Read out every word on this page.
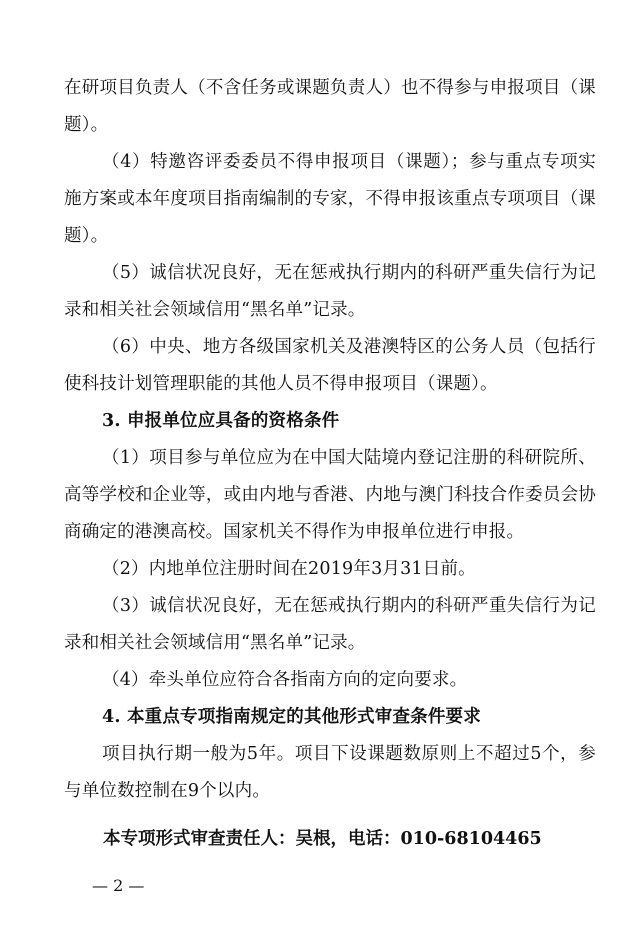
在研项目负责人（不含任务或课题负责人）也不得参与申报项目（课题）。

（4）特邀咨评委委员不得申报项目（课题）；参与重点专项实施方案或本年度项目指南编制的专家，不得申报该重点专项项目（课题）。

（5）诚信状况良好，无在惩戒执行期内的科研严重失信行为记录和相关社会领域信用“黑名单”记录。

（6）中央、地方各级国家机关及港澳特区的公务人员（包括行使科技计划管理职能的其他人员不得申报项目（课题）。

3. 申报单位应具备的资格条件

（1）项目参与单位应为在中国大陆境内登记注册的科研院所、高等学校和企业等，或由内地与香港、内地与澳门科技合作委员会协商确定的港澳高校。国家机关不得作为申报单位进行申报。

（2）内地单位注册时间在2019年3月31日前。

（3）诚信状况良好，无在惩戒执行期内的科研严重失信行为记录和相关社会领域信用“黑名单”记录。

（4）牵头单位应符合各指南方向的定向要求。

4. 本重点专项指南规定的其他形式审查条件要求

项目执行期一般为5年。项目下设课题数原则上不超过5个，参与单位数控制在9个以内。

本专项形式审查责任人：吴根，电话：010-68104465
— 2 —
